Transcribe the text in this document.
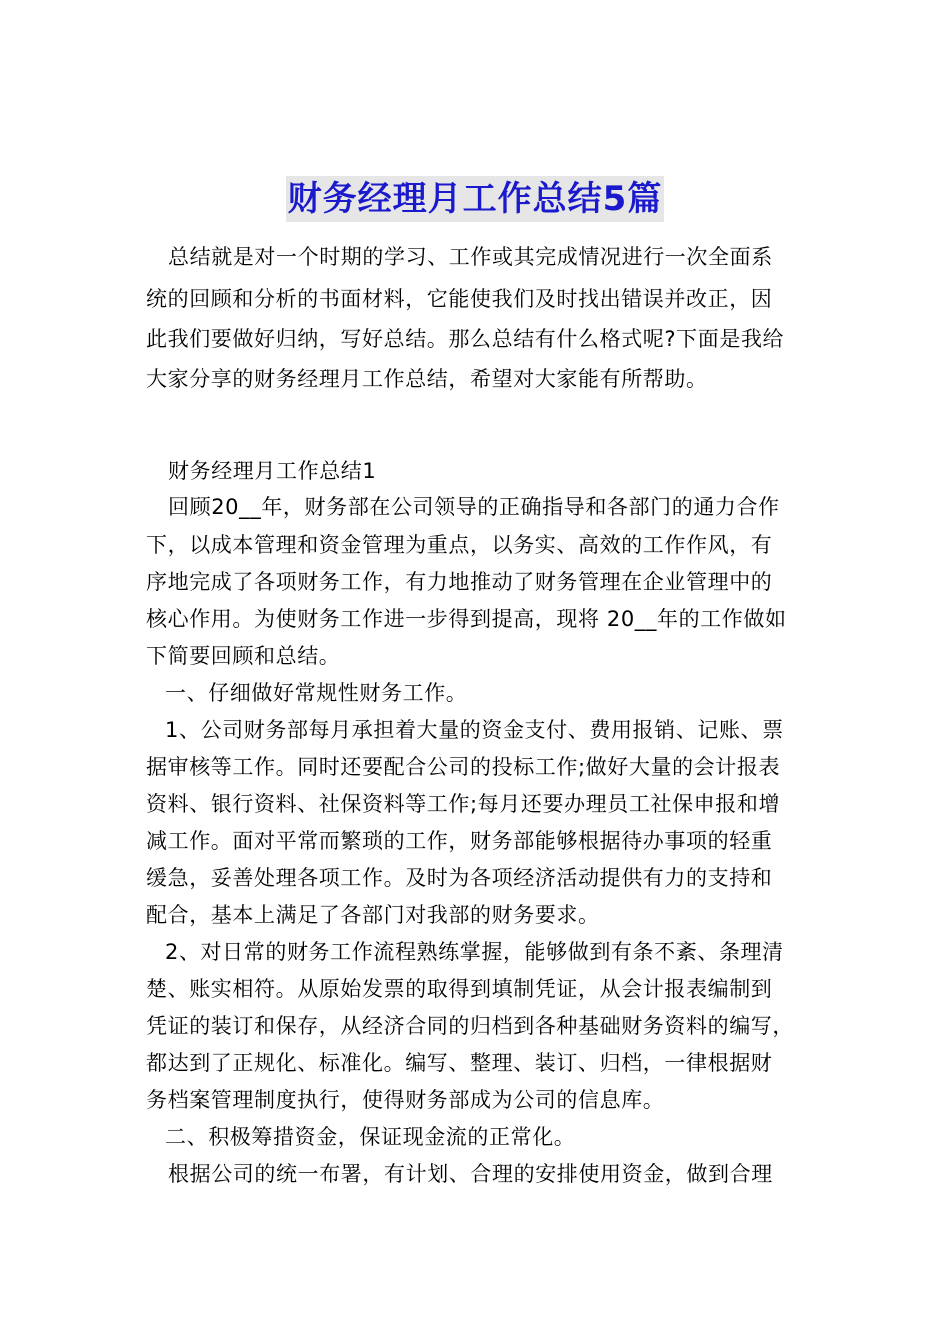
财务经理月工作总结5篇
总结就是对一个时期的学习、工作或其完成情况进行一次全面系
统的回顾和分析的书面材料，它能使我们及时找出错误并改正，因
此我们要做好归纳，写好总结。那么总结有什么格式呢?下面是我给
大家分享的财务经理月工作总结，希望对大家能有所帮助。
财务经理月工作总结1
回顾20__年，财务部在公司领导的正确指导和各部门的通力合作
下，以成本管理和资金管理为重点，以务实、高效的工作作风，有
序地完成了各项财务工作，有力地推动了财务管理在企业管理中的
核心作用。为使财务工作进一步得到提高，现将 20__年的工作做如
下简要回顾和总结。
一、仔细做好常规性财务工作。
1、公司财务部每月承担着大量的资金支付、费用报销、记账、票
据审核等工作。同时还要配合公司的投标工作;做好大量的会计报表
资料、银行资料、社保资料等工作;每月还要办理员工社保申报和增
减工作。面对平常而繁琐的工作，财务部能够根据待办事项的轻重
缓急，妥善处理各项工作。及时为各项经济活动提供有力的支持和
配合，基本上满足了各部门对我部的财务要求。
2、对日常的财务工作流程熟练掌握，能够做到有条不紊、条理清
楚、账实相符。从原始发票的取得到填制凭证，从会计报表编制到
凭证的装订和保存，从经济合同的归档到各种基础财务资料的编写，
都达到了正规化、标准化。编写、整理、装订、归档，一律根据财
务档案管理制度执行，使得财务部成为公司的信息库。
二、积极筹措资金，保证现金流的正常化。
根据公司的统一布署，有计划、合理的安排使用资金，做到合理
